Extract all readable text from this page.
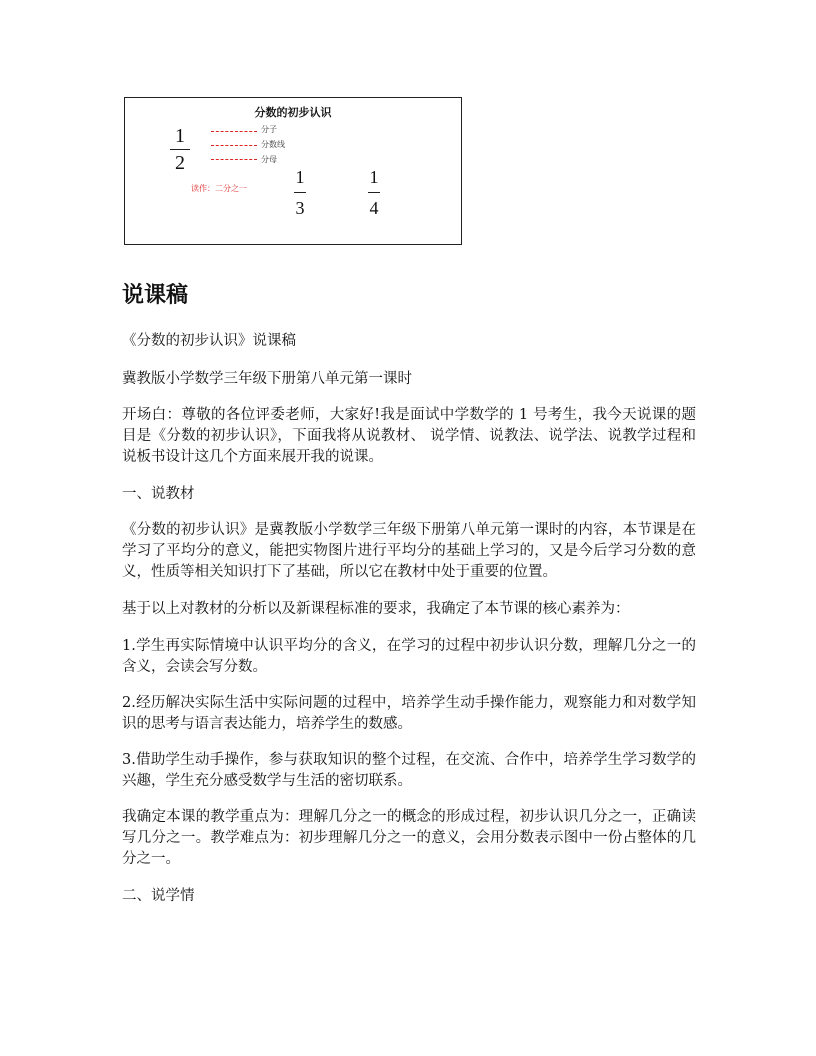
分数的初步认识
1
2
分子
分数线
分母
读作：二分之一
1
3
1
4
说课稿

《分数的初步认识》说课稿

冀教版小学数学三年级下册第八单元第一课时

开场白：尊敬的各位评委老师，大家好!我是面试中学数学的 1 号考生，我今天说课的题目是《分数的初步认识》，下面我将从说教材、 说学情、说教法、说学法、说教学过程和说板书设计这几个方面来展开我的说课。

一、说教材

《分数的初步认识》是冀教版小学数学三年级下册第八单元第一课时的内容，本节课是在学习了平均分的意义，能把实物图片进行平均分的基础上学习的，又是今后学习分数的意义，性质等相关知识打下了基础，所以它在教材中处于重要的位置。

基于以上对教材的分析以及新课程标准的要求，我确定了本节课的核心素养为：

1.学生再实际情境中认识平均分的含义，在学习的过程中初步认识分数，理解几分之一的含义，会读会写分数。

2.经历解决实际生活中实际问题的过程中，培养学生动手操作能力，观察能力和对数学知识的思考与语言表达能力，培养学生的数感。

3.借助学生动手操作，参与获取知识的整个过程，在交流、合作中，培养学生学习数学的兴趣，学生充分感受数学与生活的密切联系。

我确定本课的教学重点为：理解几分之一的概念的形成过程，初步认识几分之一，正确读写几分之一。教学难点为：初步理解几分之一的意义，会用分数表示图中一份占整体的几分之一。

二、说学情
